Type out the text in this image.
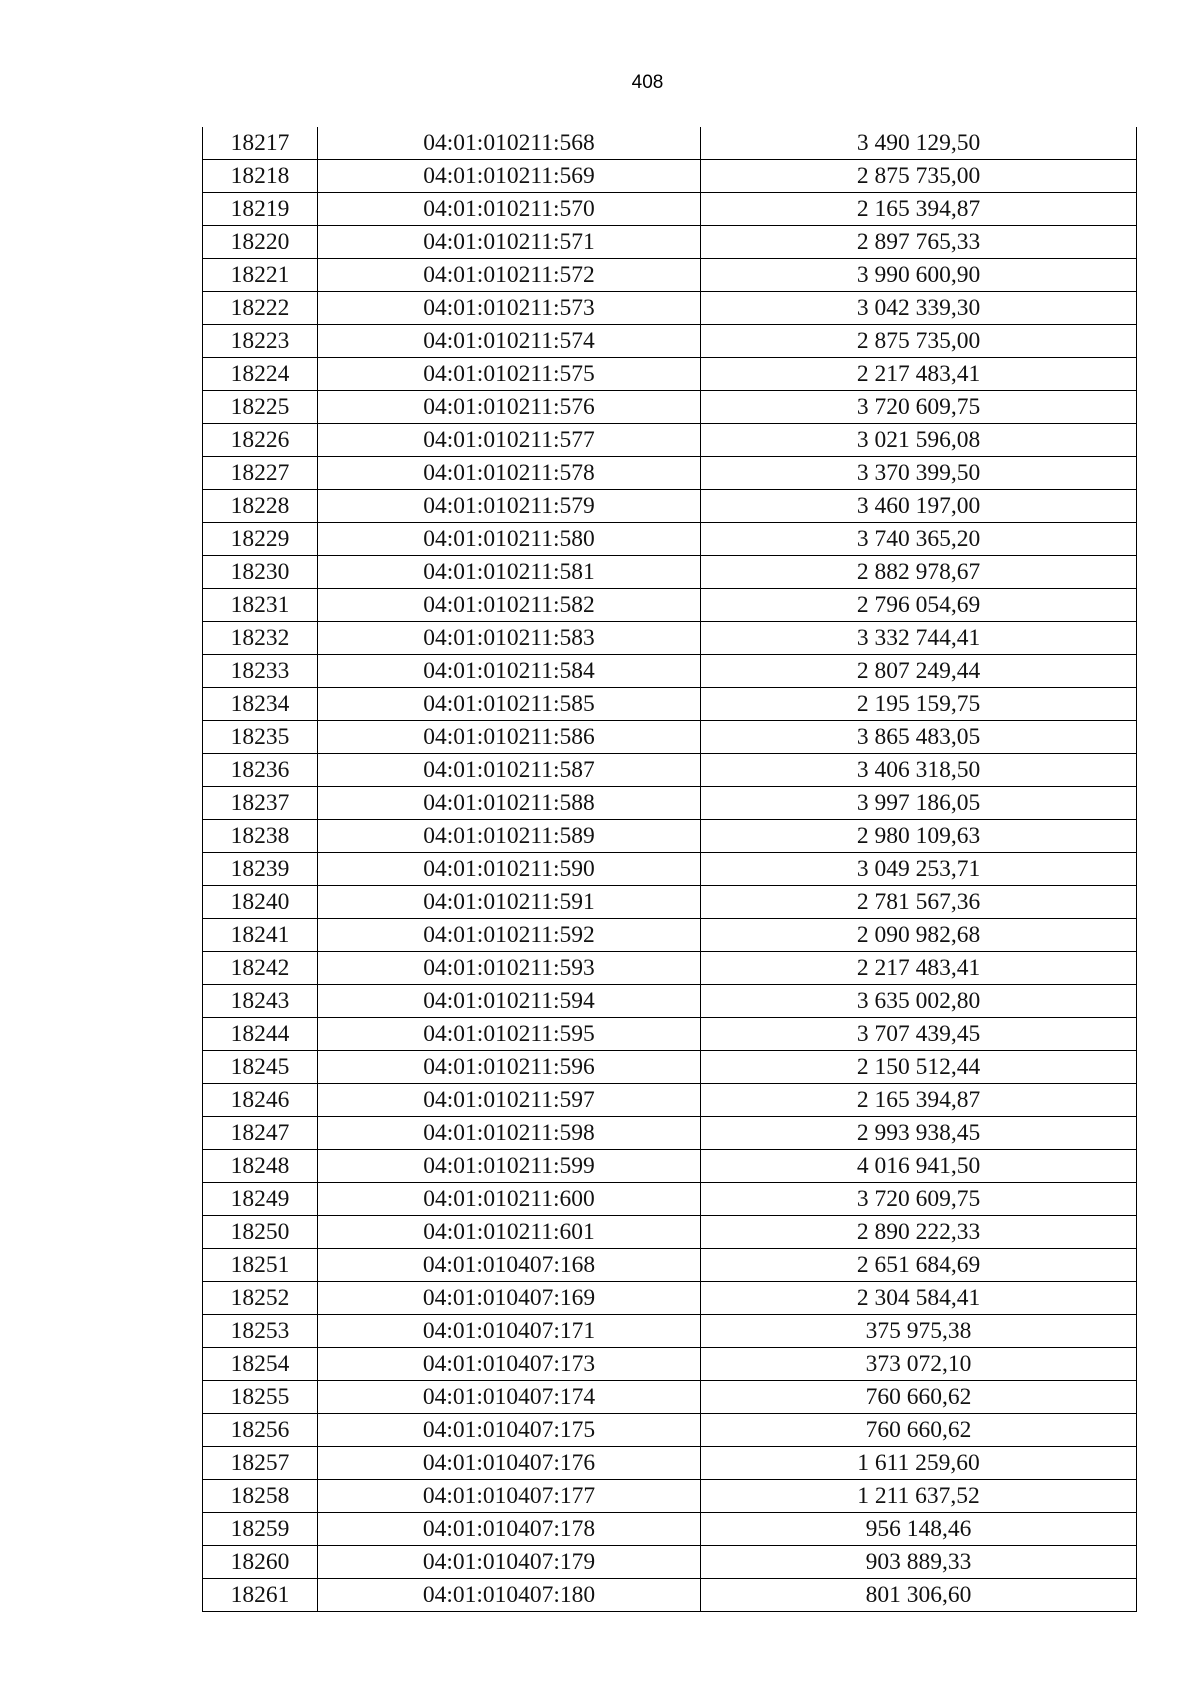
408
18217	04:01:010211:568	3 490 129,50
18218	04:01:010211:569	2 875 735,00
18219	04:01:010211:570	2 165 394,87
18220	04:01:010211:571	2 897 765,33
18221	04:01:010211:572	3 990 600,90
18222	04:01:010211:573	3 042 339,30
18223	04:01:010211:574	2 875 735,00
18224	04:01:010211:575	2 217 483,41
18225	04:01:010211:576	3 720 609,75
18226	04:01:010211:577	3 021 596,08
18227	04:01:010211:578	3 370 399,50
18228	04:01:010211:579	3 460 197,00
18229	04:01:010211:580	3 740 365,20
18230	04:01:010211:581	2 882 978,67
18231	04:01:010211:582	2 796 054,69
18232	04:01:010211:583	3 332 744,41
18233	04:01:010211:584	2 807 249,44
18234	04:01:010211:585	2 195 159,75
18235	04:01:010211:586	3 865 483,05
18236	04:01:010211:587	3 406 318,50
18237	04:01:010211:588	3 997 186,05
18238	04:01:010211:589	2 980 109,63
18239	04:01:010211:590	3 049 253,71
18240	04:01:010211:591	2 781 567,36
18241	04:01:010211:592	2 090 982,68
18242	04:01:010211:593	2 217 483,41
18243	04:01:010211:594	3 635 002,80
18244	04:01:010211:595	3 707 439,45
18245	04:01:010211:596	2 150 512,44
18246	04:01:010211:597	2 165 394,87
18247	04:01:010211:598	2 993 938,45
18248	04:01:010211:599	4 016 941,50
18249	04:01:010211:600	3 720 609,75
18250	04:01:010211:601	2 890 222,33
18251	04:01:010407:168	2 651 684,69
18252	04:01:010407:169	2 304 584,41
18253	04:01:010407:171	375 975,38
18254	04:01:010407:173	373 072,10
18255	04:01:010407:174	760 660,62
18256	04:01:010407:175	760 660,62
18257	04:01:010407:176	1 611 259,60
18258	04:01:010407:177	1 211 637,52
18259	04:01:010407:178	956 148,46
18260	04:01:010407:179	903 889,33
18261	04:01:010407:180	801 306,60
